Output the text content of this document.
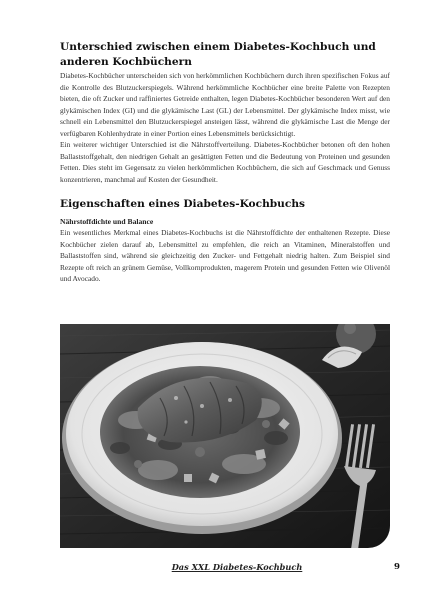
Unterschied zwischen einem Diabetes-Kochbuch und anderen Kochbüchern

Diabetes-Kochbücher unterscheiden sich von herkömmlichen Kochbüchern durch ihren spezifischen Fokus auf die Kontrolle des Blutzuckerspiegels. Während herkömmliche Kochbücher eine breite Palette von Rezepten bieten, die oft Zucker und raffiniertes Getreide enthalten, legen Diabetes-Kochbücher besonderen Wert auf den glykämischen Index (GI) und die glykämische Last (GL) der Lebensmittel. Der glykämische Index misst, wie schnell ein Lebensmittel den Blutzuckerspiegel ansteigen lässt, während die glykämische Last die Menge der verfügbaren Kohlenhydrate in einer Portion eines Lebensmittels berücksichtigt.

Ein weiterer wichtiger Unterschied ist die Nährstoffverteilung. Diabetes-Kochbücher betonen oft den hohen Ballaststoffgehalt, den niedrigen Gehalt an gesättigten Fetten und die Bedeutung von Proteinen und gesunden Fetten. Dies steht im Gegensatz zu vielen herkömmlichen Kochbüchern, die sich auf Geschmack und Genuss konzentrieren, manchmal auf Kosten der Gesundheit.

Eigenschaften eines Diabetes-Kochbuchs
Nährstoffdichte und Balance

Ein wesentliches Merkmal eines Diabetes-Kochbuchs ist die Nährstoffdichte der enthaltenen Rezepte. Diese Kochbücher zielen darauf ab, Lebensmittel zu empfehlen, die reich an Vitaminen, Mineralstoffen und Ballaststoffen sind, während sie gleichzeitig den Zucker- und Fettgehalt niedrig halten. Zum Beispiel sind Rezepte oft reich an grünem Gemüse, Vollkornprodukten, magerem Protein und gesunden Fetten wie Olivenöl und Avocado.

Das XXL Diabetes-Kochbuch	9
